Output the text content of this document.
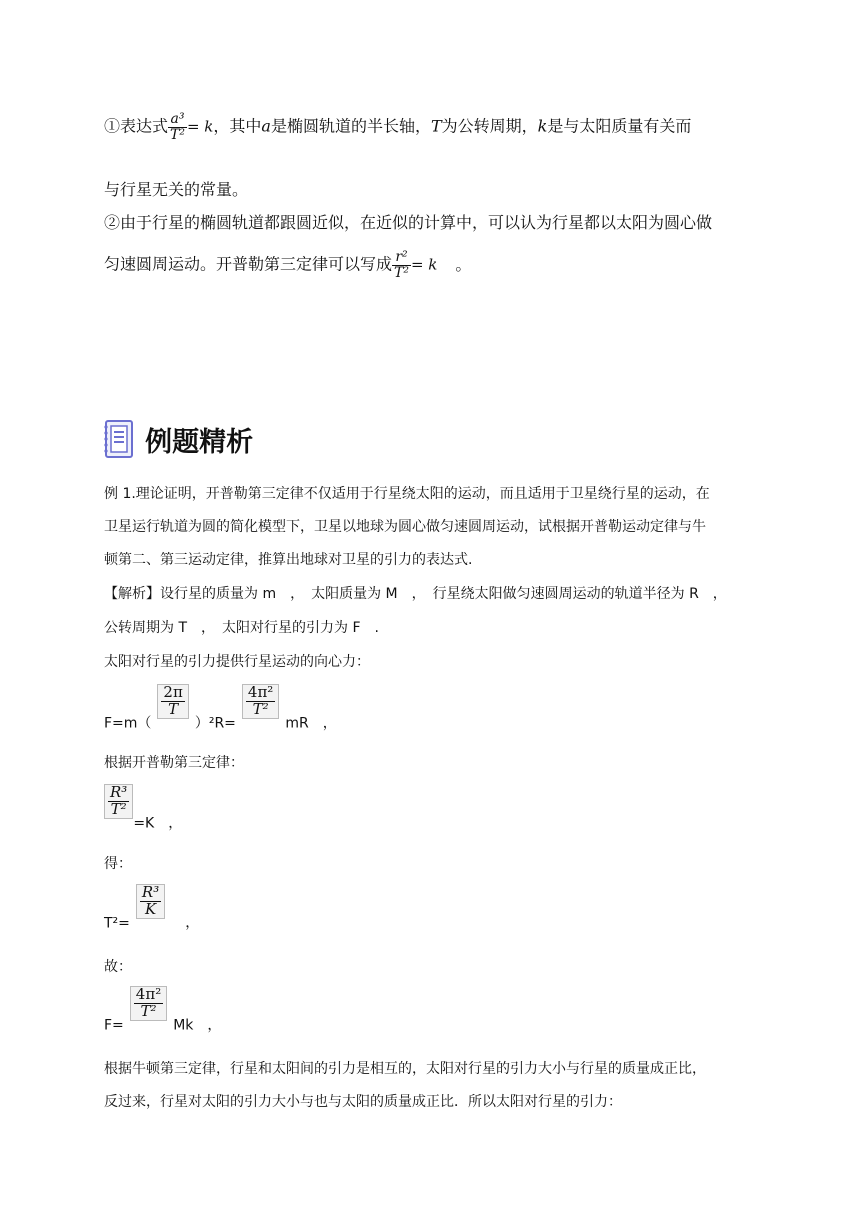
①表达式 $\frac{\text{a³}}{\text{T²}} = k$，其中a是椭圆轨道的半长轴，T为公转周期，k是与太阳质量有关而
与行星无关的常量。
②由于行星的椭圆轨道都跟圆近似，在近似的计算中，可以认为行星都以太阳为圆心做
匀速圆周运动。开普勒第三定律可以写成 $\frac{\text{r²}}{\text{T²}} = k$ 。
例题精析
例 1.理论证明，开普勒第三定律不仅适用于行星绕太阳的运动，而且适用于卫星绕行星的运动，在
卫星运行轨道为圆的简化模型下，卫星以地球为圆心做匀速圆周运动，试根据开普勒运动定律与牛
顿第二、第三运动定律，推算出地球对卫星的引力的表达式.
【解析】设行星的质量为 m　，　太阳质量为 M　，　行星绕太阳做匀速圆周运动的轨道半径为 R　，
公转周期为 T　，　太阳对行星的引力为 F　.
太阳对行星的引力提供行星运动的向心力：
F=m（
$\frac{2\pi}{T}$
）²R=
$\frac{\text{4π²}}{\text{T²}}$
mR　，
根据开普勒第三定律：
$\frac{\text{R³}}{\text{T²}}$
=K　，
得：
T²=
$\frac{\text{R³}}{K}$
，
故：
F=
$\frac{\text{4π²}}{\text{T²}}$
Mk　，
根据牛顿第三定律，行星和太阳间的引力是相互的，太阳对行星的引力大小与行星的质量成正比，
反过来，行星对太阳的引力大小与也与太阳的质量成正比．所以太阳对行星的引力：
